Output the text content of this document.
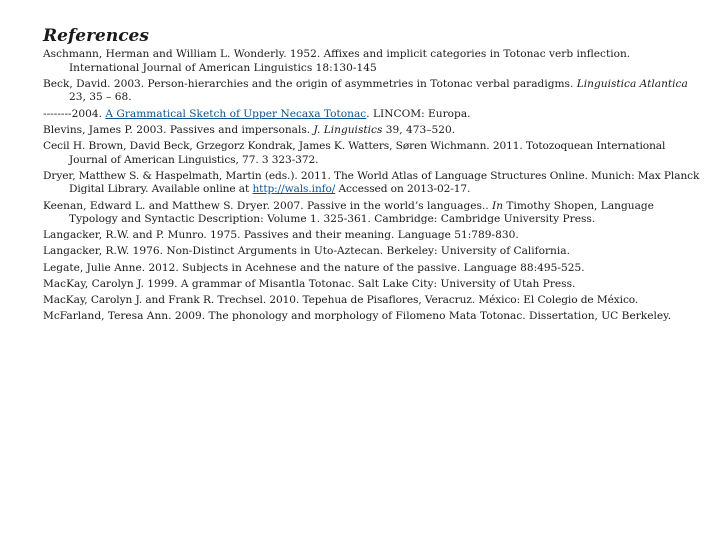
References

Aschmann, Herman and William L. Wonderly. 1952. Affixes and implicit categories in Totonac verb inflection. International Journal of American Linguistics 18:130-145

Beck, David. 2003. Person-hierarchies and the origin of asymmetries in Totonac verbal paradigms. Linguistica Atlantica 23, 35 – 68.

--------2004. A Grammatical Sketch of Upper Necaxa Totonac. LINCOM: Europa.

Blevins, James P. 2003. Passives and impersonals. J. Linguistics 39, 473–520.

Cecil H. Brown, David Beck, Grzegorz Kondrak, James K. Watters, Søren Wichmann. 2011. Totozoquean International Journal of American Linguistics, 77. 3 323-372.

Dryer, Matthew S. & Haspelmath, Martin (eds.). 2011. The World Atlas of Language Structures Online. Munich: Max Planck Digital Library. Available online at http://wals.info/ Accessed on 2013-02-17.

Keenan, Edward L. and Matthew S. Dryer. 2007. Passive in the world’s languages.. In Timothy Shopen, Language Typology and Syntactic Description: Volume 1. 325-361. Cambridge: Cambridge University Press.

Langacker, R.W. and P. Munro. 1975. Passives and their meaning. Language 51:789-830.

Langacker, R.W. 1976. Non-Distinct Arguments in Uto-Aztecan. Berkeley: University of California.

Legate, Julie Anne. 2012. Subjects in Acehnese and the nature of the passive. Language 88:495-525.

MacKay, Carolyn J. 1999. A grammar of Misantla Totonac. Salt Lake City: University of Utah Press.

MacKay, Carolyn J. and Frank R. Trechsel. 2010. Tepehua de Pisaflores, Veracruz. México: El Colegio de México.

McFarland, Teresa Ann. 2009. The phonology and morphology of Filomeno Mata Totonac. Dissertation, UC Berkeley.
